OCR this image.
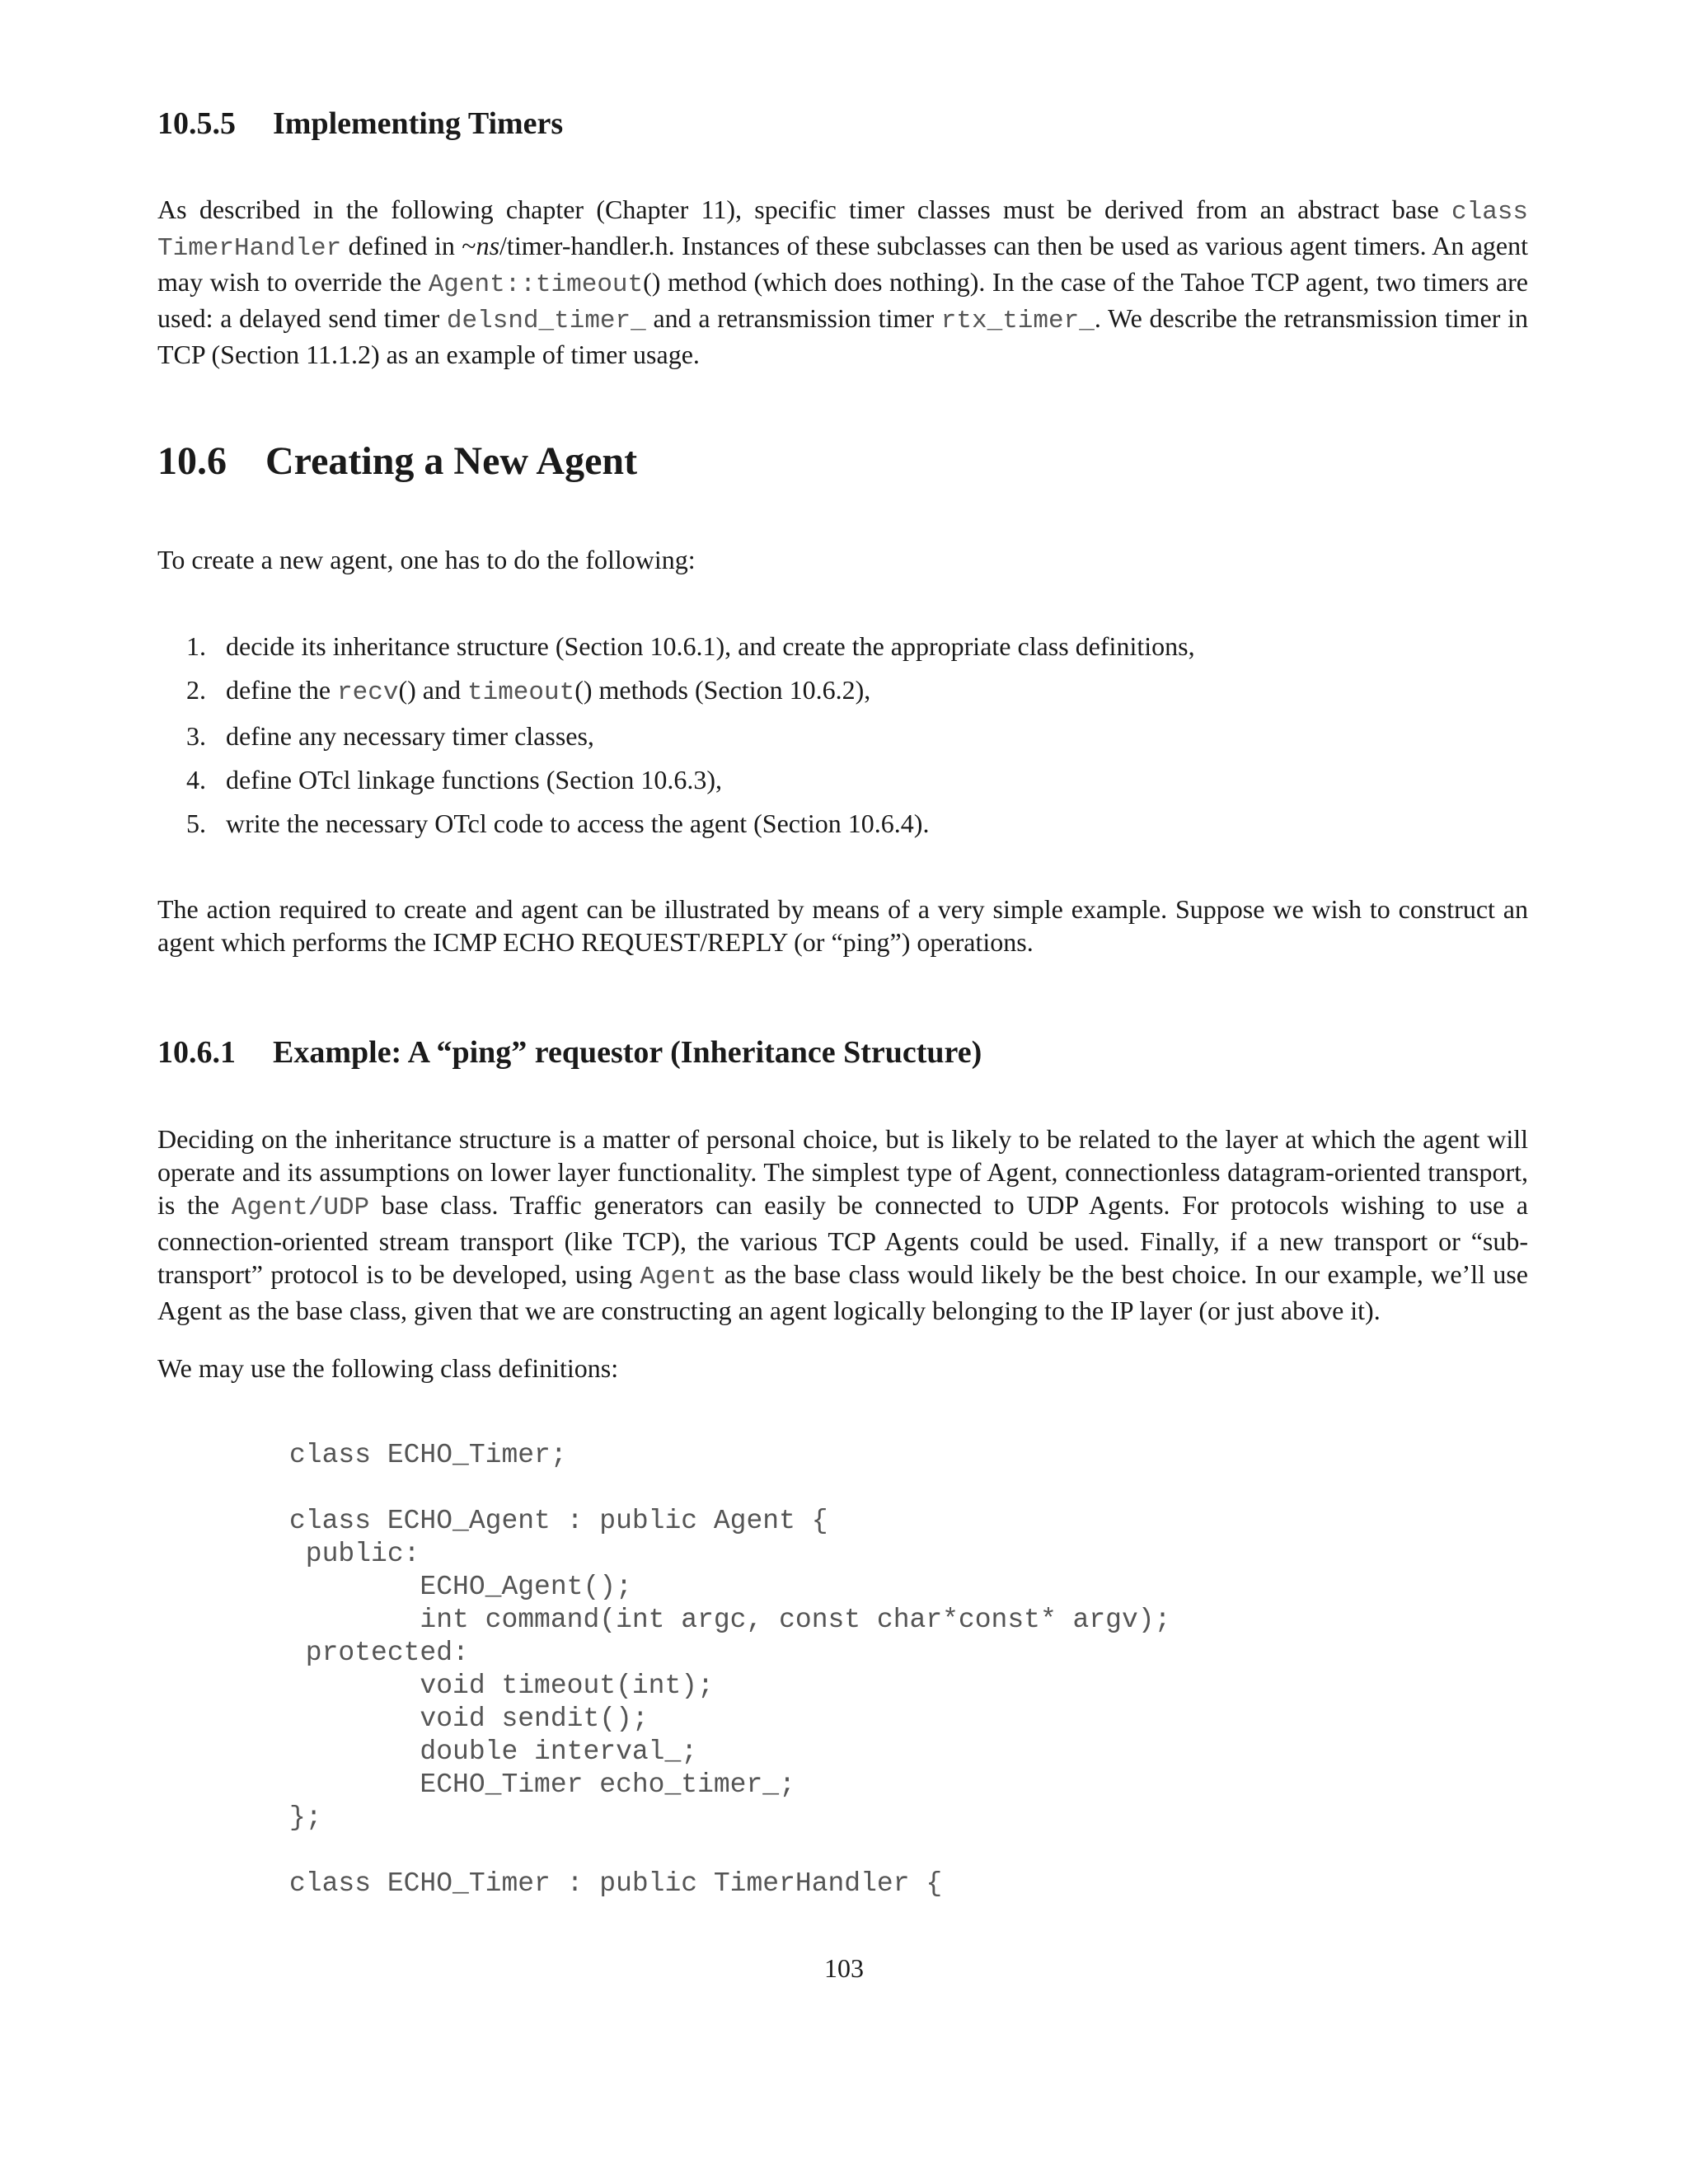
10.5.5 Implementing Timers
As described in the following chapter (Chapter 11), specific timer classes must be derived from an abstract base class TimerHandler defined in ~ns/timer-handler.h. Instances of these subclasses can then be used as various agent timers. An agent may wish to override the Agent::timeout() method (which does nothing). In the case of the Tahoe TCP agent, two timers are used: a delayed send timer delsnd_timer_ and a retransmission timer rtx_timer_. We describe the retransmission timer in TCP (Section 11.1.2) as an example of timer usage.
10.6 Creating a New Agent
To create a new agent, one has to do the following:
1. decide its inheritance structure (Section 10.6.1), and create the appropriate class definitions,
2. define the recv() and timeout() methods (Section 10.6.2),
3. define any necessary timer classes,
4. define OTcl linkage functions (Section 10.6.3),
5. write the necessary OTcl code to access the agent (Section 10.6.4).
The action required to create and agent can be illustrated by means of a very simple example. Suppose we wish to construct an agent which performs the ICMP ECHO REQUEST/REPLY (or “ping”) operations.
10.6.1 Example: A “ping” requestor (Inheritance Structure)
Deciding on the inheritance structure is a matter of personal choice, but is likely to be related to the layer at which the agent will operate and its assumptions on lower layer functionality. The simplest type of Agent, connectionless datagram-oriented transport, is the Agent/UDP base class. Traffic generators can easily be connected to UDP Agents. For protocols wishing to use a connection-oriented stream transport (like TCP), the various TCP Agents could be used. Finally, if a new transport or “sub-transport” protocol is to be developed, using Agent as the base class would likely be the best choice. In our example, we’ll use Agent as the base class, given that we are constructing an agent logically belonging to the IP layer (or just above it).
We may use the following class definitions:
class ECHO_Timer;

class ECHO_Agent : public Agent {
public:
ECHO_Agent();
int command(int argc, const char*const* argv);
protected:
void timeout(int);
void sendit();
double interval_;
ECHO_Timer echo_timer_;
};

class ECHO_Timer : public TimerHandler {
103
